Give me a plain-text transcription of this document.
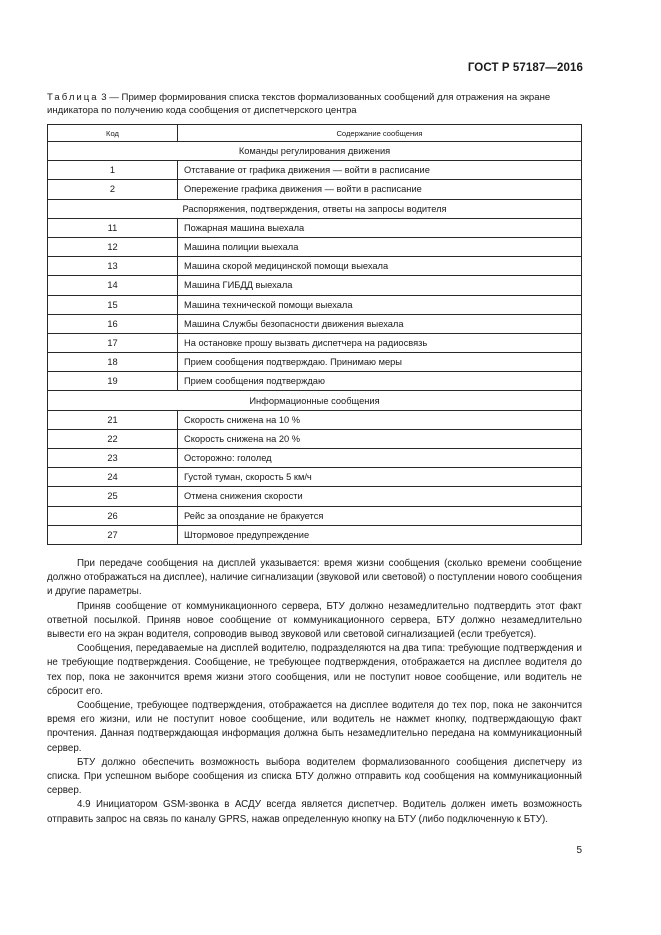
ГОСТ Р 57187—2016
Таблица 3 — Пример формирования списка текстов формализованных сообщений для отражения на экране индикатора по получению кода сообщения от диспетчерского центра
Код	Содержание сообщения
Команды регулирования движения	
1	Отставание от графика движения — войти в расписание
2	Опережение графика движения — войти в расписание
Распоряжения, подтверждения, ответы на запросы водителя	
11	Пожарная машина выехала
12	Машина полиции выехала
13	Машина скорой медицинской помощи выехала
14	Машина ГИБДД выехала
15	Машина технической помощи выехала
16	Машина Службы безопасности движения выехала
17	На остановке прошу вызвать диспетчера на радиосвязь
18	Прием сообщения подтверждаю. Принимаю меры
19	Прием сообщения подтверждаю
Информационные сообщения	
21	Скорость снижена на 10 %
22	Скорость снижена на 20 %
23	Осторожно: гололед
24	Густой туман, скорость 5 км/ч
25	Отмена снижения скорости
26	Рейс за опоздание не бракуется
27	Штормовое предупреждение

При передаче сообщения на дисплей указывается: время жизни сообщения (сколько времени сообщение должно отображаться на дисплее), наличие сигнализации (звуковой или световой) о поступлении нового сообщения и другие параметры.

Приняв сообщение от коммуникационного сервера, БТУ должно незамедлительно подтвердить этот факт ответной посылкой. Приняв новое сообщение от коммуникационного сервера, БТУ должно незамедлительно вывести его на экран водителя, сопроводив вывод звуковой или световой сигнализацией (если требуется).

Сообщения, передаваемые на дисплей водителю, подразделяются на два типа: требующие подтверждения и не требующие подтверждения. Сообщение, не требующее подтверждения, отображается на дисплее водителя до тех пор, пока не закончится время жизни этого сообщения, или не поступит новое сообщение, или водитель не сбросит его.

Сообщение, требующее подтверждения, отображается на дисплее водителя до тех пор, пока не закончится время его жизни, или не поступит новое сообщение, или водитель не нажмет кнопку, подтверждающую факт прочтения. Данная подтверждающая информация должна быть незамедлительно передана на коммуникационный сервер.

БТУ должно обеспечить возможность выбора водителем формализованного сообщения диспетчеру из списка. При успешном выборе сообщения из списка БТУ должно отправить код сообщения на коммуникационный сервер.

4.9 Инициатором GSM-звонка в АСДУ всегда является диспетчер. Водитель должен иметь возможность отправить запрос на связь по каналу GPRS, нажав определенную кнопку на БТУ (либо подключенную к БТУ).

5
